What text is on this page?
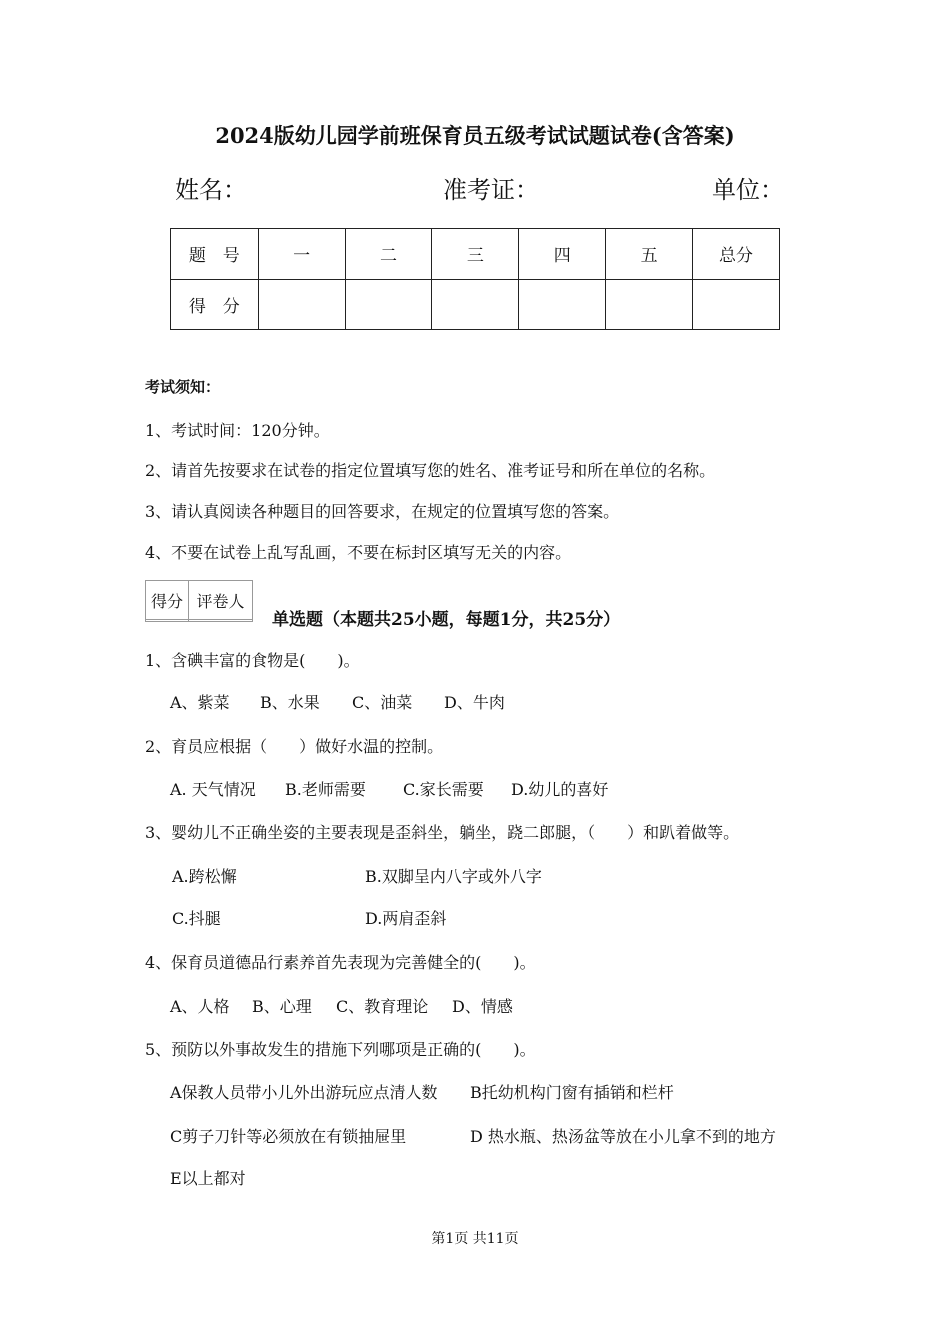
2024版幼儿园学前班保育员五级考试试题试卷(含答案)
姓名：	准考证：	单位：
题　号	一	二	三	四	五	总分
得　分						
考试须知：
1、考试时间：120分钟。
2、请首先按要求在试卷的指定位置填写您的姓名、准考证号和所在单位的名称。
3、请认真阅读各种题目的回答要求，在规定的位置填写您的答案。
4、不要在试卷上乱写乱画，不要在标封区填写无关的内容。
得分	评卷人

单选题（本题共25小题，每题1分，共25分）
1、含碘丰富的食物是(　　)。
A、紫菜 B、水果 C、油菜 D、牛肉
2、育员应根据（　　）做好水温的控制。
A. 天气情况 B.老师需要 C.家长需要 D.幼儿的喜好
3、婴幼儿不正确坐姿的主要表现是歪斜坐，躺坐，跷二郎腿，（　　）和趴着做等。
A.跨松懈	B.双脚呈内八字或外八字
C.抖腿	D.两肩歪斜
4、保育员道德品行素养首先表现为完善健全的(　　)。
A、人格 B、心理 C、教育理论 D、情感
5、预防以外事故发生的措施下列哪项是正确的(　　)。
A保教人员带小儿外出游玩应点清人数 B托幼机构门窗有插销和栏杆
C剪子刀针等必须放在有锁抽屉里	D 热水瓶、热汤盆等放在小儿拿不到的地方
E以上都对
第1页 共11页
